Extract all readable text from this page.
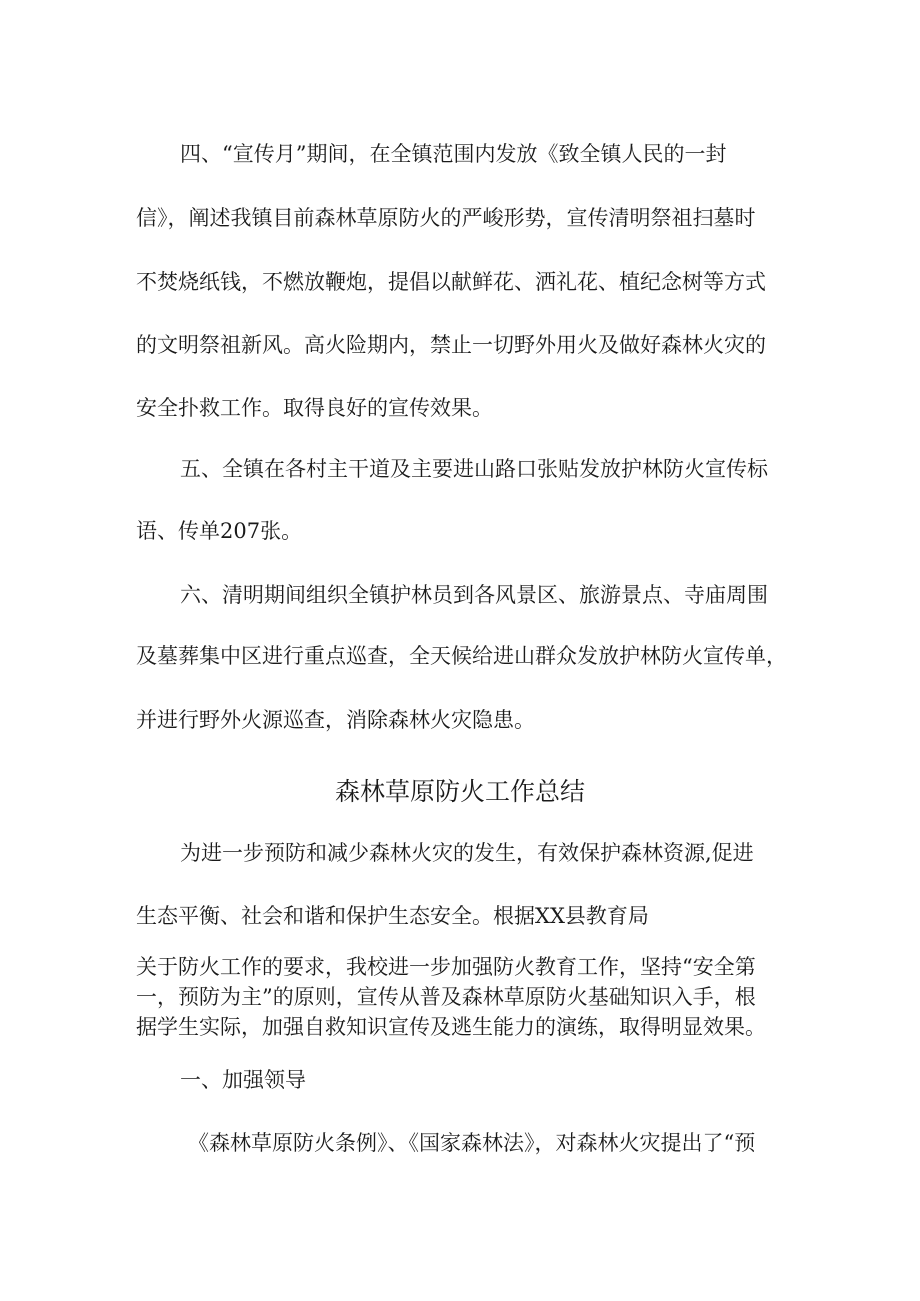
四、“宣传月”期间，在全镇范围内发放《致全镇人民的一封
信》，阐述我镇目前森林草原防火的严峻形势，宣传清明祭祖扫墓时
不焚烧纸钱，不燃放鞭炮，提倡以献鲜花、洒礼花、植纪念树等方式
的文明祭祖新风。高火险期内，禁止一切野外用火及做好森林火灾的
安全扑救工作。取得良好的宣传效果。
五、全镇在各村主干道及主要进山路口张贴发放护林防火宣传标
语、传单207张。
六、清明期间组织全镇护林员到各风景区、旅游景点、寺庙周围
及墓葬集中区进行重点巡查，全天候给进山群众发放护林防火宣传单，
并进行野外火源巡查，消除森林火灾隐患。
森林草原防火工作总结
为进一步预防和减少森林火灾的发生，有效保护森林资源,促进
生态平衡、社会和谐和保护生态安全。根据XX县教育局
关于防火工作的要求，我校进一步加强防火教育工作，坚持“安全第
一，预防为主”的原则，宣传从普及森林草原防火基础知识入手，根
据学生实际，加强自救知识宣传及逃生能力的演练，取得明显效果。
一、加强领导
《森林草原防火条例》、《国家森林法》，对森林火灾提出了“预
